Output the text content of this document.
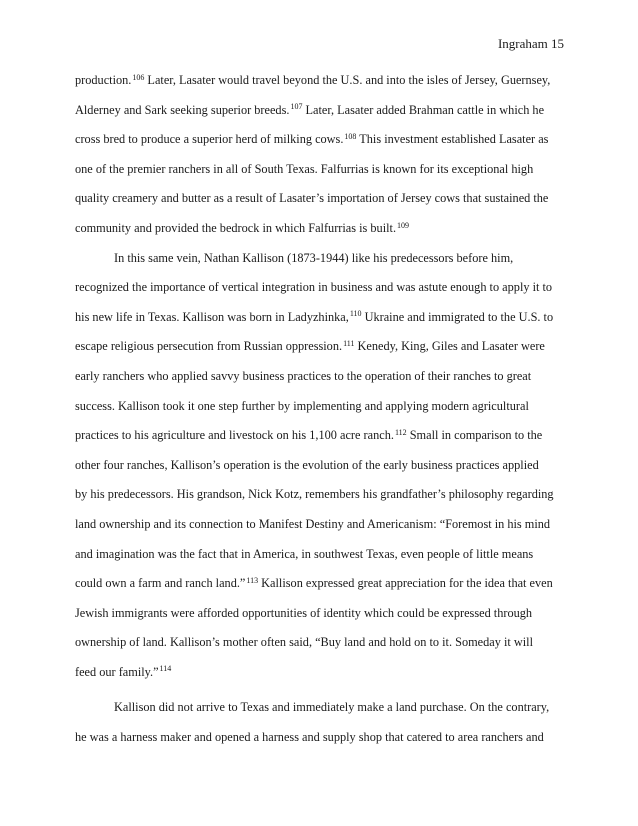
Ingraham 15
production.$^{106}$ Later, Lasater would travel beyond the U.S. and into the isles of Jersey, Guernsey,
Alderney and Sark seeking superior breeds.$^{107}$ Later, Lasater added Brahman cattle in which he
cross bred to produce a superior herd of milking cows.$^{108}$ This investment established Lasater as
one of the premier ranchers in all of South Texas. Falfurrias is known for its exceptional high
quality creamery and butter as a result of Lasater’s importation of Jersey cows that sustained the
community and provided the bedrock in which Falfurrias is built.$^{109}$
In this same vein, Nathan Kallison (1873-1944) like his predecessors before him,
recognized the importance of vertical integration in business and was astute enough to apply it to
his new life in Texas. Kallison was born in Ladyzhinka,$^{110}$ Ukraine and immigrated to the U.S. to
escape religious persecution from Russian oppression.$^{111}$ Kenedy, King, Giles and Lasater were
early ranchers who applied savvy business practices to the operation of their ranches to great
success. Kallison took it one step further by implementing and applying modern agricultural
practices to his agriculture and livestock on his 1,100 acre ranch.$^{112}$ Small in comparison to the
other four ranches, Kallison’s operation is the evolution of the early business practices applied
by his predecessors. His grandson, Nick Kotz, remembers his grandfather’s philosophy regarding
land ownership and its connection to Manifest Destiny and Americanism: “Foremost in his mind
and imagination was the fact that in America, in southwest Texas, even people of little means
could own a farm and ranch land.”$^{113}$ Kallison expressed great appreciation for the idea that even
Jewish immigrants were afforded opportunities of identity which could be expressed through
ownership of land. Kallison’s mother often said, “Buy land and hold on to it. Someday it will
feed our family.”$^{114}$
Kallison did not arrive to Texas and immediately make a land purchase. On the contrary,
he was a harness maker and opened a harness and supply shop that catered to area ranchers and
